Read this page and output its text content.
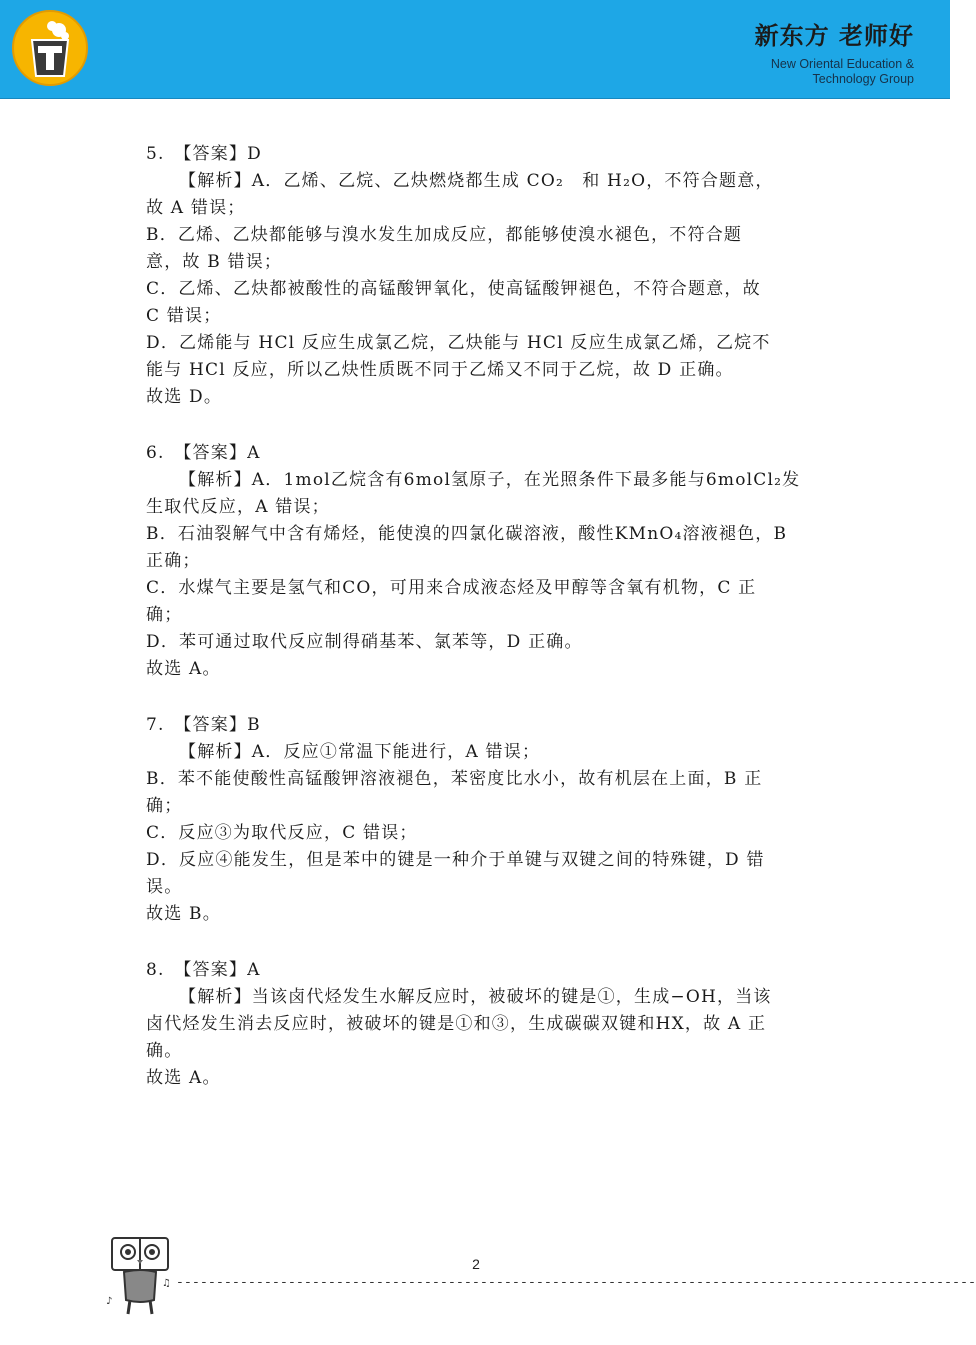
新东方 老师好
New Oriental Education &
Technology Group
5.　【答案】D
【解析】A．乙烯、乙烷、乙炔燃烧都生成 CO₂　和 H₂O，不符合题意，
故 A 错误；
B．乙烯、乙炔都能够与溴水发生加成反应，都能够使溴水褪色，不符合题
意，故 B 错误；
C．乙烯、乙炔都被酸性的高锰酸钾氧化，使高锰酸钾褪色，不符合题意，故
C 错误；
D．乙烯能与 HCl 反应生成氯乙烷，乙炔能与 HCl 反应生成氯乙烯，乙烷不
能与 HCl 反应，所以乙炔性质既不同于乙烯又不同于乙烷，故 D 正确。
故选 D。
6.　【答案】A
【解析】A．1mol乙烷含有6mol氢原子，在光照条件下最多能与6molCl₂发
生取代反应，A 错误；
B．石油裂解气中含有烯烃，能使溴的四氯化碳溶液，酸性KMnO₄溶液褪色，B
正确；
C．水煤气主要是氢气和CO，可用来合成液态烃及甲醇等含氧有机物，C 正
确；
D．苯可通过取代反应制得硝基苯、氯苯等，D 正确。
故选 A。
7.　【答案】B
【解析】A．反应①常温下能进行，A 错误；
B．苯不能使酸性高锰酸钾溶液褪色，苯密度比水小，故有机层在上面，B 正
确；
C．反应③为取代反应，C 错误；
D．反应④能发生，但是苯中的键是一种介于单键与双键之间的特殊键，D 错
误。
故选 B。
8.　【答案】A
【解析】当该卤代烃发生水解反应时，被破坏的键是①，生成−OH，当该
卤代烃发生消去反应时，被破坏的键是①和③，生成碳碳双键和HX，故 A 正
确。
故选 A。
♪
♫
2
----------------------------------------------------------------------------------------------------
